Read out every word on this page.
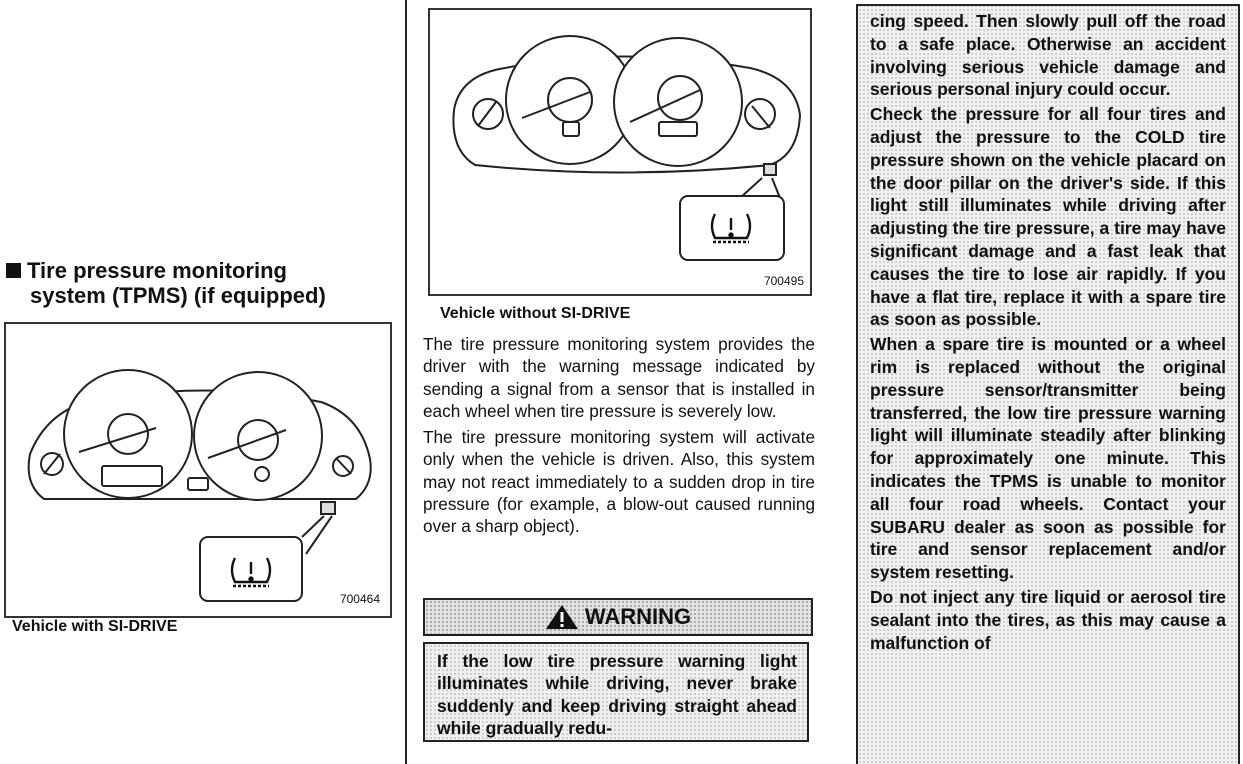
Tire pressure monitoring
system (TPMS) (if equipped)
700464
Vehicle with SI-DRIVE
700495
Vehicle without SI-DRIVE

The tire pressure monitoring system provides the driver with the warning message indicated by sending a signal from a sensor that is installed in each wheel when tire pressure is severely low.

The tire pressure monitoring system will activate only when the vehicle is driven. Also, this system may not react immediately to a sudden drop in tire pressure (for example, a blow-out caused running over a sharp object).

WARNING
If the low tire pressure warning light illuminates while driving, never brake suddenly and keep driving straight ahead while gradually redu-

cing speed. Then slowly pull off the road to a safe place. Otherwise an accident involving serious vehicle damage and serious personal injury could occur.

Check the pressure for all four tires and adjust the pressure to the COLD tire pressure shown on the vehicle placard on the door pillar on the driver's side. If this light still illuminates while driving after adjusting the tire pressure, a tire may have significant damage and a fast leak that causes the tire to lose air rapidly. If you have a flat tire, replace it with a spare tire as soon as possible.

When a spare tire is mounted or a wheel rim is replaced without the original pressure sensor/transmitter being transferred, the low tire pressure warning light will illuminate steadily after blinking for approximately one minute. This indicates the TPMS is unable to monitor all four road wheels. Contact your SUBARU dealer as soon as possible for tire and sensor replacement and/or system resetting.

Do not inject any tire liquid or aerosol tire sealant into the tires, as this may cause a malfunction of
